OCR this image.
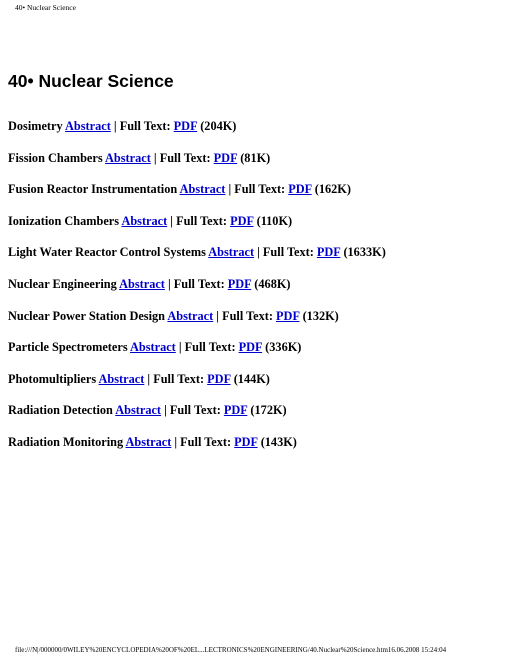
40• Nuclear Science
40• Nuclear Science
Dosimetry Abstract | Full Text: PDF (204K)
Fission Chambers Abstract | Full Text: PDF (81K)
Fusion Reactor Instrumentation Abstract | Full Text: PDF (162K)
Ionization Chambers Abstract | Full Text: PDF (110K)
Light Water Reactor Control Systems Abstract | Full Text: PDF (1633K)
Nuclear Engineering Abstract | Full Text: PDF (468K)
Nuclear Power Station Design Abstract | Full Text: PDF (132K)
Particle Spectrometers Abstract | Full Text: PDF (336K)
Photomultipliers Abstract | Full Text: PDF (144K)
Radiation Detection Abstract | Full Text: PDF (172K)
Radiation Monitoring Abstract | Full Text: PDF (143K)
file:///N|/000000/0WILEY%20ENCYCLOPEDIA%20OF%20EL...LECTRONICS%20ENGINEERING/40.Nuclear%20Science.htm16.06.2008 15:24:04
